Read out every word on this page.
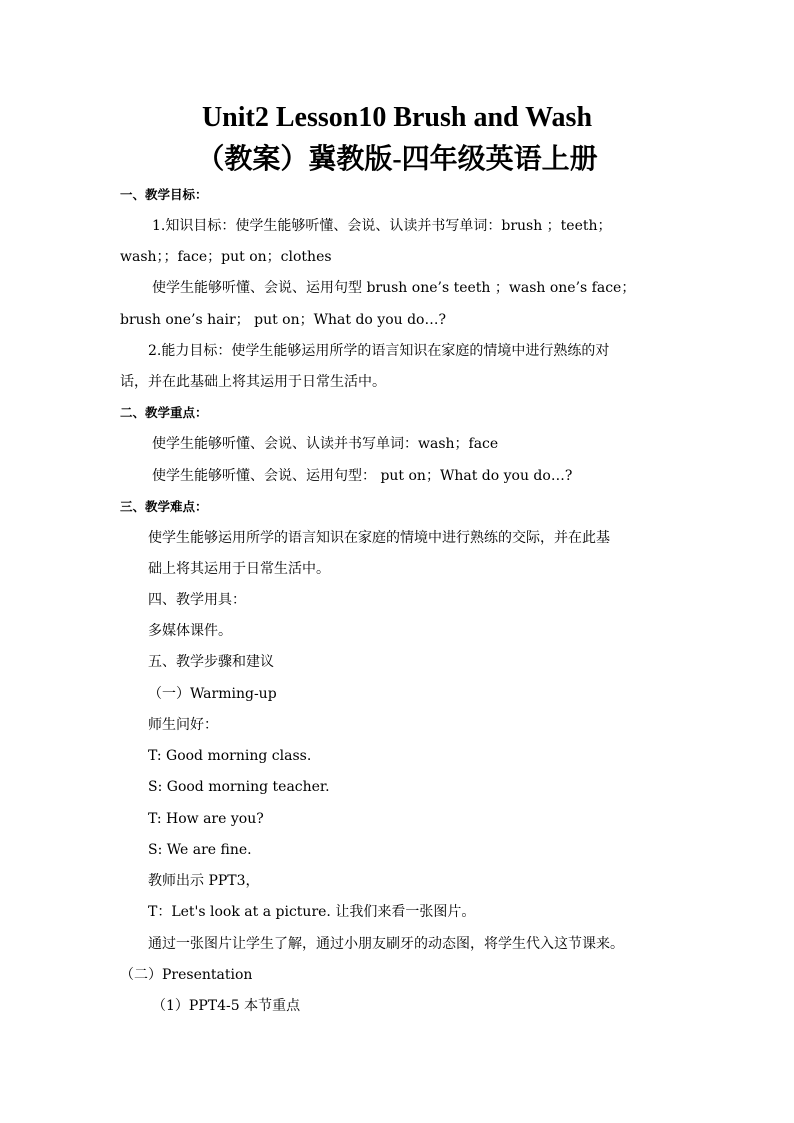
Unit2 Lesson10 Brush and Wash
（教案）冀教版-四年级英语上册
一、教学目标：
1.知识目标：使学生能够听懂、会说、认读并书写单词：brush ；teeth；
wash；；face；put on；clothes
使学生能够听懂、会说、运用句型 brush one’s teeth ；wash one’s face；
brush one’s hair； put on；What do you do…?
2.能力目标：使学生能够运用所学的语言知识在家庭的情境中进行熟练的对
话，并在此基础上将其运用于日常生活中。
二、教学重点：
使学生能够听懂、会说、认读并书写单词：wash；face
使学生能够听懂、会说、运用句型： put on；What do you do…?
三、教学难点：
使学生能够运用所学的语言知识在家庭的情境中进行熟练的交际，并在此基
础上将其运用于日常生活中。
四、教学用具：
多媒体课件。
五、教学步骤和建议
（一）Warming-up
师生问好：
T: Good morning class.
S: Good morning teacher.
T: How are you?
S: We are fine.
教师出示 PPT3，
T：Let's look at a picture. 让我们来看一张图片。
通过一张图片让学生了解，通过小朋友刷牙的动态图，将学生代入这节课来。
（二）Presentation
（1）PPT4-5 本节重点
